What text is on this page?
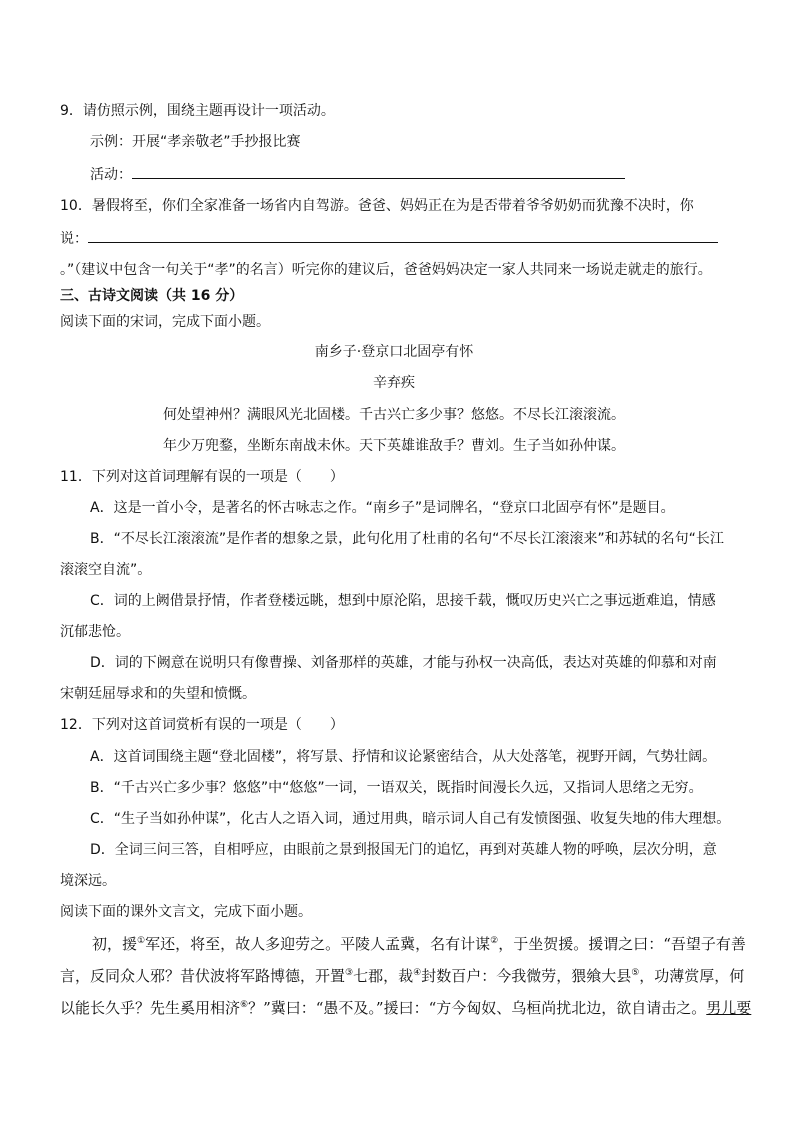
9．请仿照示例，围绕主题再设计一项活动。
示例：开展“孝亲敬老”手抄报比赛
活动：
10．暑假将至，你们全家准备一场省内自驾游。爸爸、妈妈正在为是否带着爷爷奶奶而犹豫不决时，你
说：
。”（建议中包含一句关于“孝”的名言）听完你的建议后，爸爸妈妈决定一家人共同来一场说走就走的旅行。
三、古诗文阅读（共 16 分）
阅读下面的宋词，完成下面小题。
南乡子·登京口北固亭有怀
辛弃疾
何处望神州？满眼风光北固楼。千古兴亡多少事？悠悠。不尽长江滚滚流。
年少万兜鍪，坐断东南战未休。天下英雄谁敌手？曹刘。生子当如孙仲谋。
11．下列对这首词理解有误的一项是（　　）
A．这是一首小令，是著名的怀古咏志之作。“南乡子”是词牌名，“登京口北固亭有怀”是题目。
B．“不尽长江滚滚流”是作者的想象之景，此句化用了杜甫的名句“不尽长江滚滚来”和苏轼的名句“长江
滚滚空自流”。
C．词的上阙借景抒情，作者登楼远眺，想到中原沦陷，思接千载，慨叹历史兴亡之事远逝难追，情感
沉郁悲怆。
D．词的下阙意在说明只有像曹操、刘备那样的英雄，才能与孙权一决高低，表达对英雄的仰慕和对南
宋朝廷屈辱求和的失望和愤慨。
12．下列对这首词赏析有误的一项是（　　）
A．这首词围绕主题“登北固楼”，将写景、抒情和议论紧密结合，从大处落笔，视野开阔，气势壮阔。
B．“千古兴亡多少事？悠悠”中“悠悠”一词，一语双关，既指时间漫长久远，又指词人思绪之无穷。
C．“生子当如孙仲谋”，化古人之语入词，通过用典，暗示词人自己有发愤图强、收复失地的伟大理想。
D．全词三问三答，自相呼应，由眼前之景到报国无门的追忆，再到对英雄人物的呼唤，层次分明，意
境深远。
阅读下面的课外文言文，完成下面小题。
初，援①军还，将至，故人多迎劳之。平陵人孟冀，名有计谋②，于坐贺援。援谓之曰：“吾望子有善
言，反同众人邪？昔伏波将军路博德，开置③七郡，裁④封数百户：今我微劳，猥飨大县⑤，功薄赏厚，何
以能长久乎？先生奚用相济⑥？”冀曰：“愚不及。”援曰：“方今匈奴、乌桓尚扰北边，欲自请击之。男儿要
